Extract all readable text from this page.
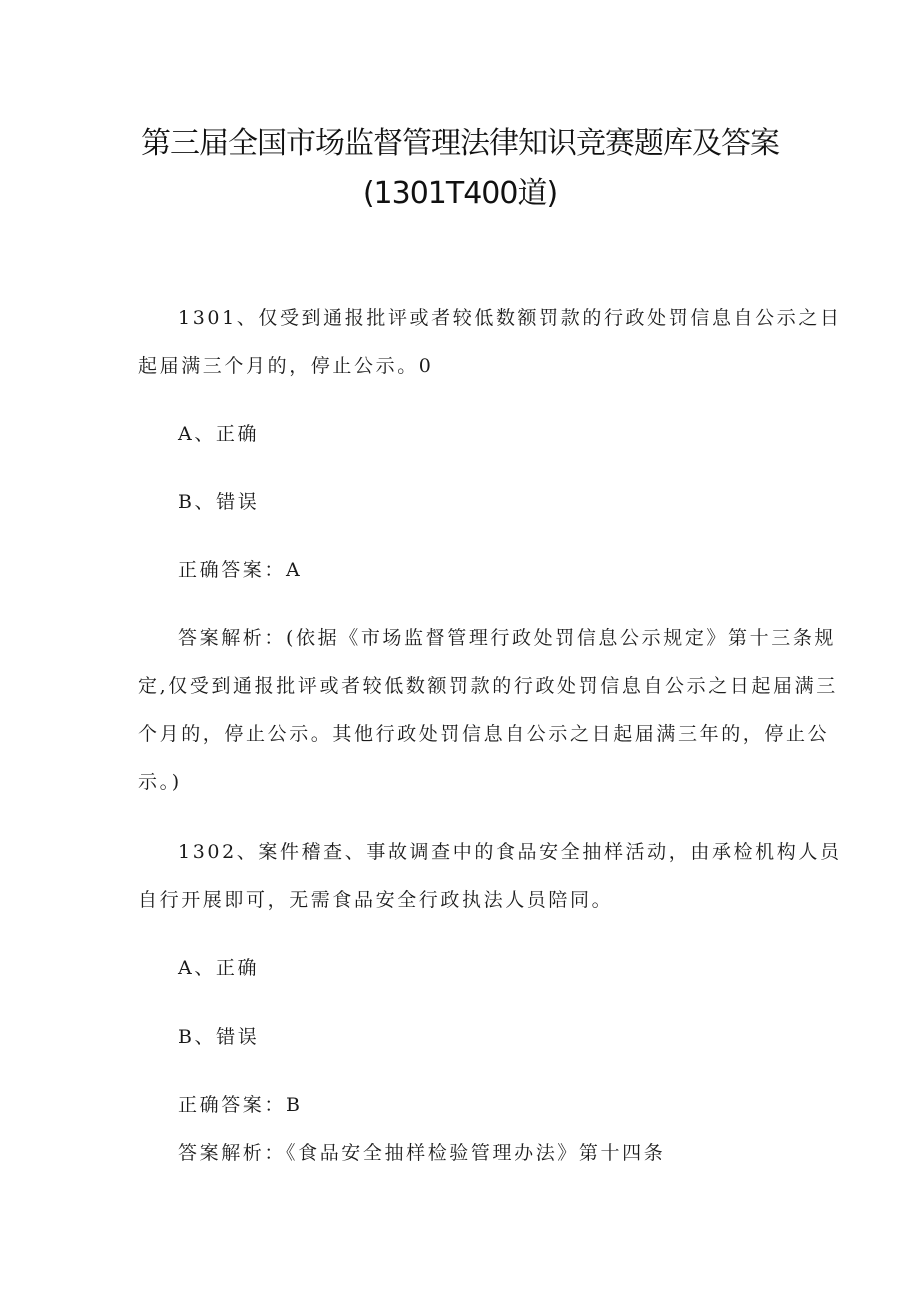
第三届全国市场监督管理法律知识竞赛题库及答案
(1301T400道)
1301、仅受到通报批评或者较低数额罚款的行政处罚信息自公示之日
起届满三个月的，停止公示。0
A、正确
B、错误
正确答案：A
答案解析：(依据《市场监督管理行政处罚信息公示规定》第十三条规
定,仅受到通报批评或者较低数额罚款的行政处罚信息自公示之日起届满三
个月的，停止公示。其他行政处罚信息自公示之日起届满三年的，停止公
示。)
1302、案件稽查、事故调查中的食品安全抽样活动，由承检机构人员
自行开展即可，无需食品安全行政执法人员陪同。
A、正确
B、错误
正确答案：B
答案解析：《食品安全抽样检验管理办法》第十四条
